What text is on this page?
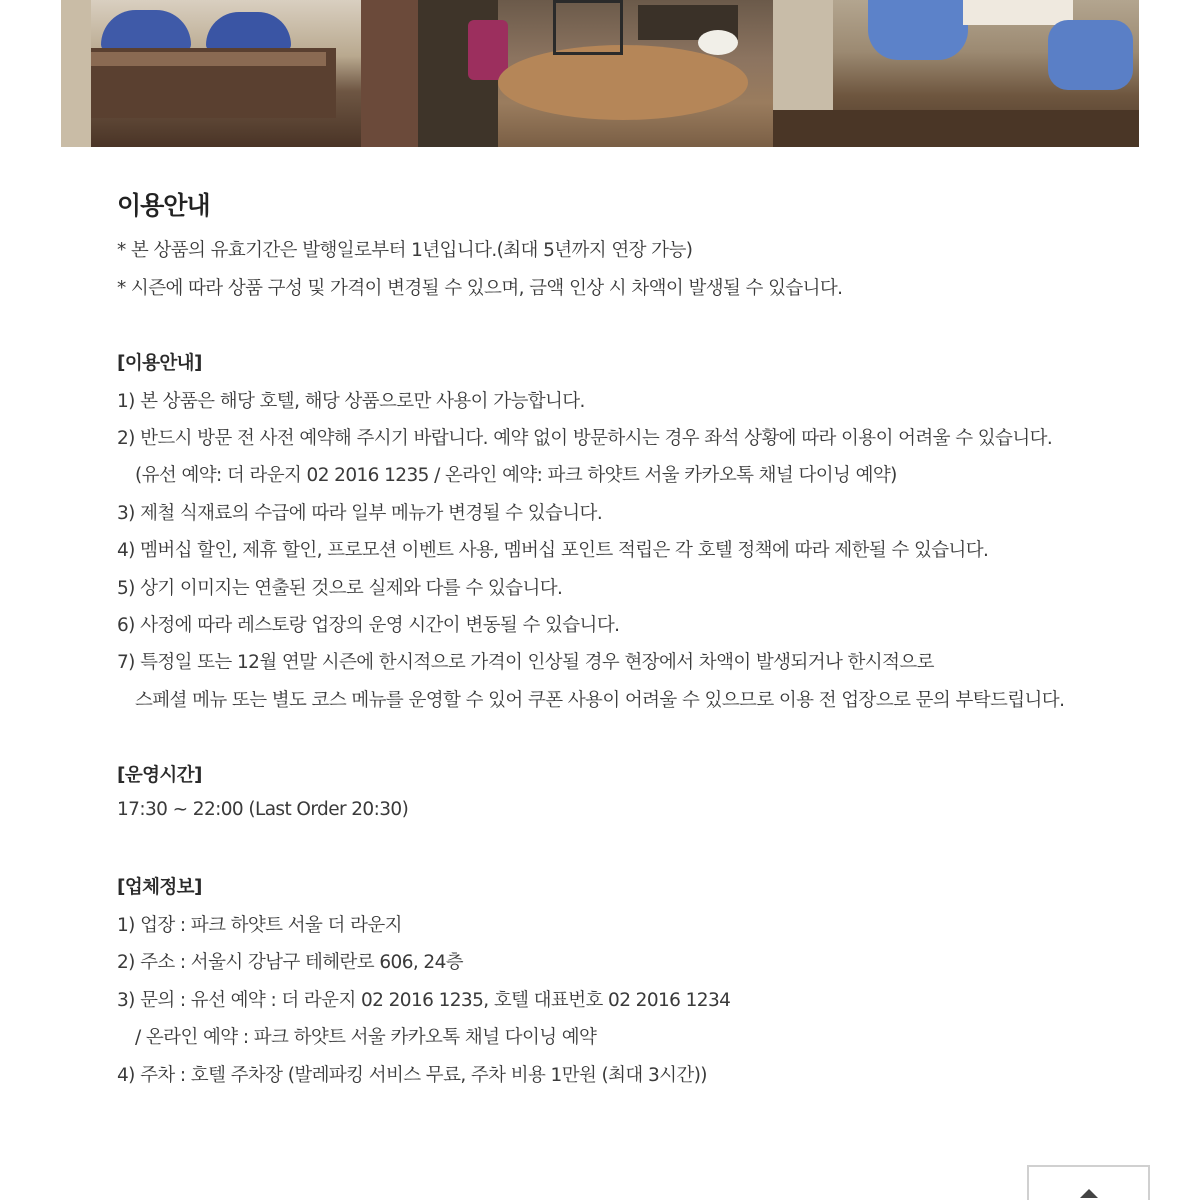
이용안내
* 본 상품의 유효기간은 발행일로부터 1년입니다.(최대 5년까지 연장 가능)
* 시즌에 따라 상품 구성 및 가격이 변경될 수 있으며, 금액 인상 시 차액이 발생될 수 있습니다.
[이용안내]
1) 본 상품은 해당 호텔, 해당 상품으로만 사용이 가능합니다.
2) 반드시 방문 전 사전 예약해 주시기 바랍니다. 예약 없이 방문하시는 경우 좌석 상황에 따라 이용이 어려울 수 있습니다.
(유선 예약: 더 라운지 02 2016 1235 / 온라인 예약: 파크 하얏트 서울 카카오톡 채널 다이닝 예약)
3) 제철 식재료의 수급에 따라 일부 메뉴가 변경될 수 있습니다.
4) 멤버십 할인, 제휴 할인, 프로모션 이벤트 사용, 멤버십 포인트 적립은 각 호텔 정책에 따라 제한될 수 있습니다.
5) 상기 이미지는 연출된 것으로 실제와 다를 수 있습니다.
6) 사정에 따라 레스토랑 업장의 운영 시간이 변동될 수 있습니다.
7) 특정일 또는 12월 연말 시즌에 한시적으로 가격이 인상될 경우 현장에서 차액이 발생되거나 한시적으로
스페셜 메뉴 또는 별도 코스 메뉴를 운영할 수 있어 쿠폰 사용이 어려울 수 있으므로 이용 전 업장으로 문의 부탁드립니다.
[운영시간]
17:30 ~ 22:00 (Last Order 20:30)
[업체정보]
1) 업장 : 파크 하얏트 서울 더 라운지
2) 주소 : 서울시 강남구 테헤란로 606, 24층
3) 문의 : 유선 예약 : 더 라운지 02 2016 1235, 호텔 대표번호 02 2016 1234
/ 온라인 예약 : 파크 하얏트 서울 카카오톡 채널 다이닝 예약
4) 주차 : 호텔 주차장 (발레파킹 서비스 무료, 주차 비용 1만원 (최대 3시간))
